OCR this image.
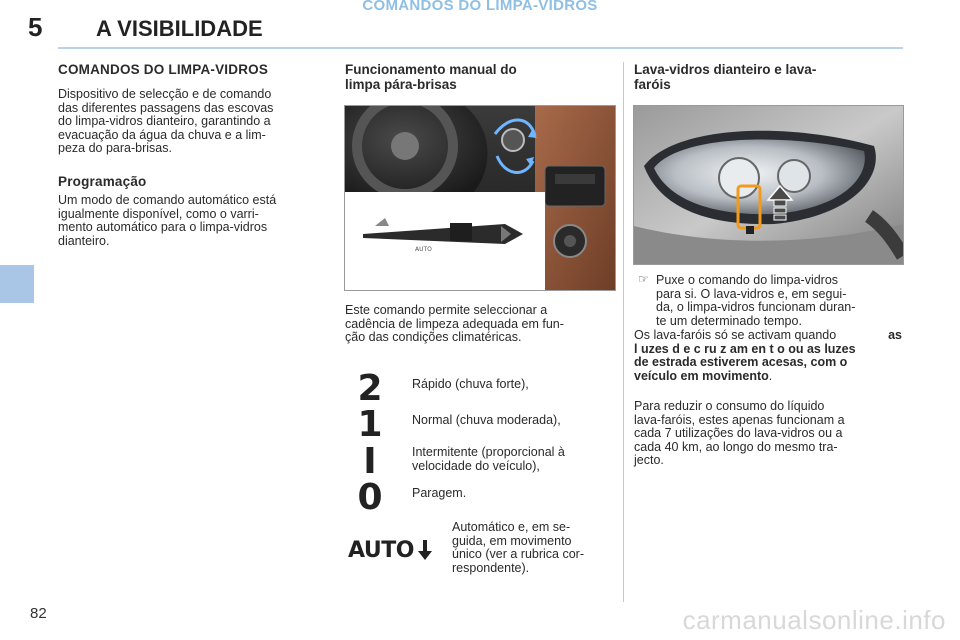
COMANDOS DO LIMPA-VIDROS
5 A VISIBILIDADE
COMANDOS DO LIMPA-VIDROS
Dispositivo de selecção e de comando
das diferentes passagens das escovas
do limpa-vidros dianteiro, garantindo a
evacuação da água da chuva e a lim-
peza do para-brisas.
Programação
Um modo de comando automático está
igualmente disponível, como o varri-
mento automático para o limpa-vidros
dianteiro.
Funcionamento manual do
limpa pára-brisas
AUTO
Este comando permite seleccionar a
cadência de limpeza adequada em fun-
ção das condições climatéricas.
2 Rápido (chuva forte),
1 Normal (chuva moderada),
I	Intermitente (proporcional à
velocidade do veículo),
0 Paragem.
AUTO
Automático e, em se-
guida, em movimento
único (ver a rubrica cor-
respondente).
Lava-vidros dianteiro e lava-
faróis
☞ Puxe o comando do limpa-vidros
para si. O lava-vidros e, em segui-
da, o limpa-vidros funcionam duran-
te um determinado tempo.
Os lava-faróis só se activam quando	as
l uzes d e c ru z am en t o ou as luzes
de estrada estiverem acesas, com o
veículo em movimento.
Para reduzir o consumo do líquido
lava-faróis, estes apenas funcionam a
cada 7 utilizações do lava-vidros ou a
cada 40 km, ao longo do mesmo tra-
jecto.
82	carmanualsonline.info
